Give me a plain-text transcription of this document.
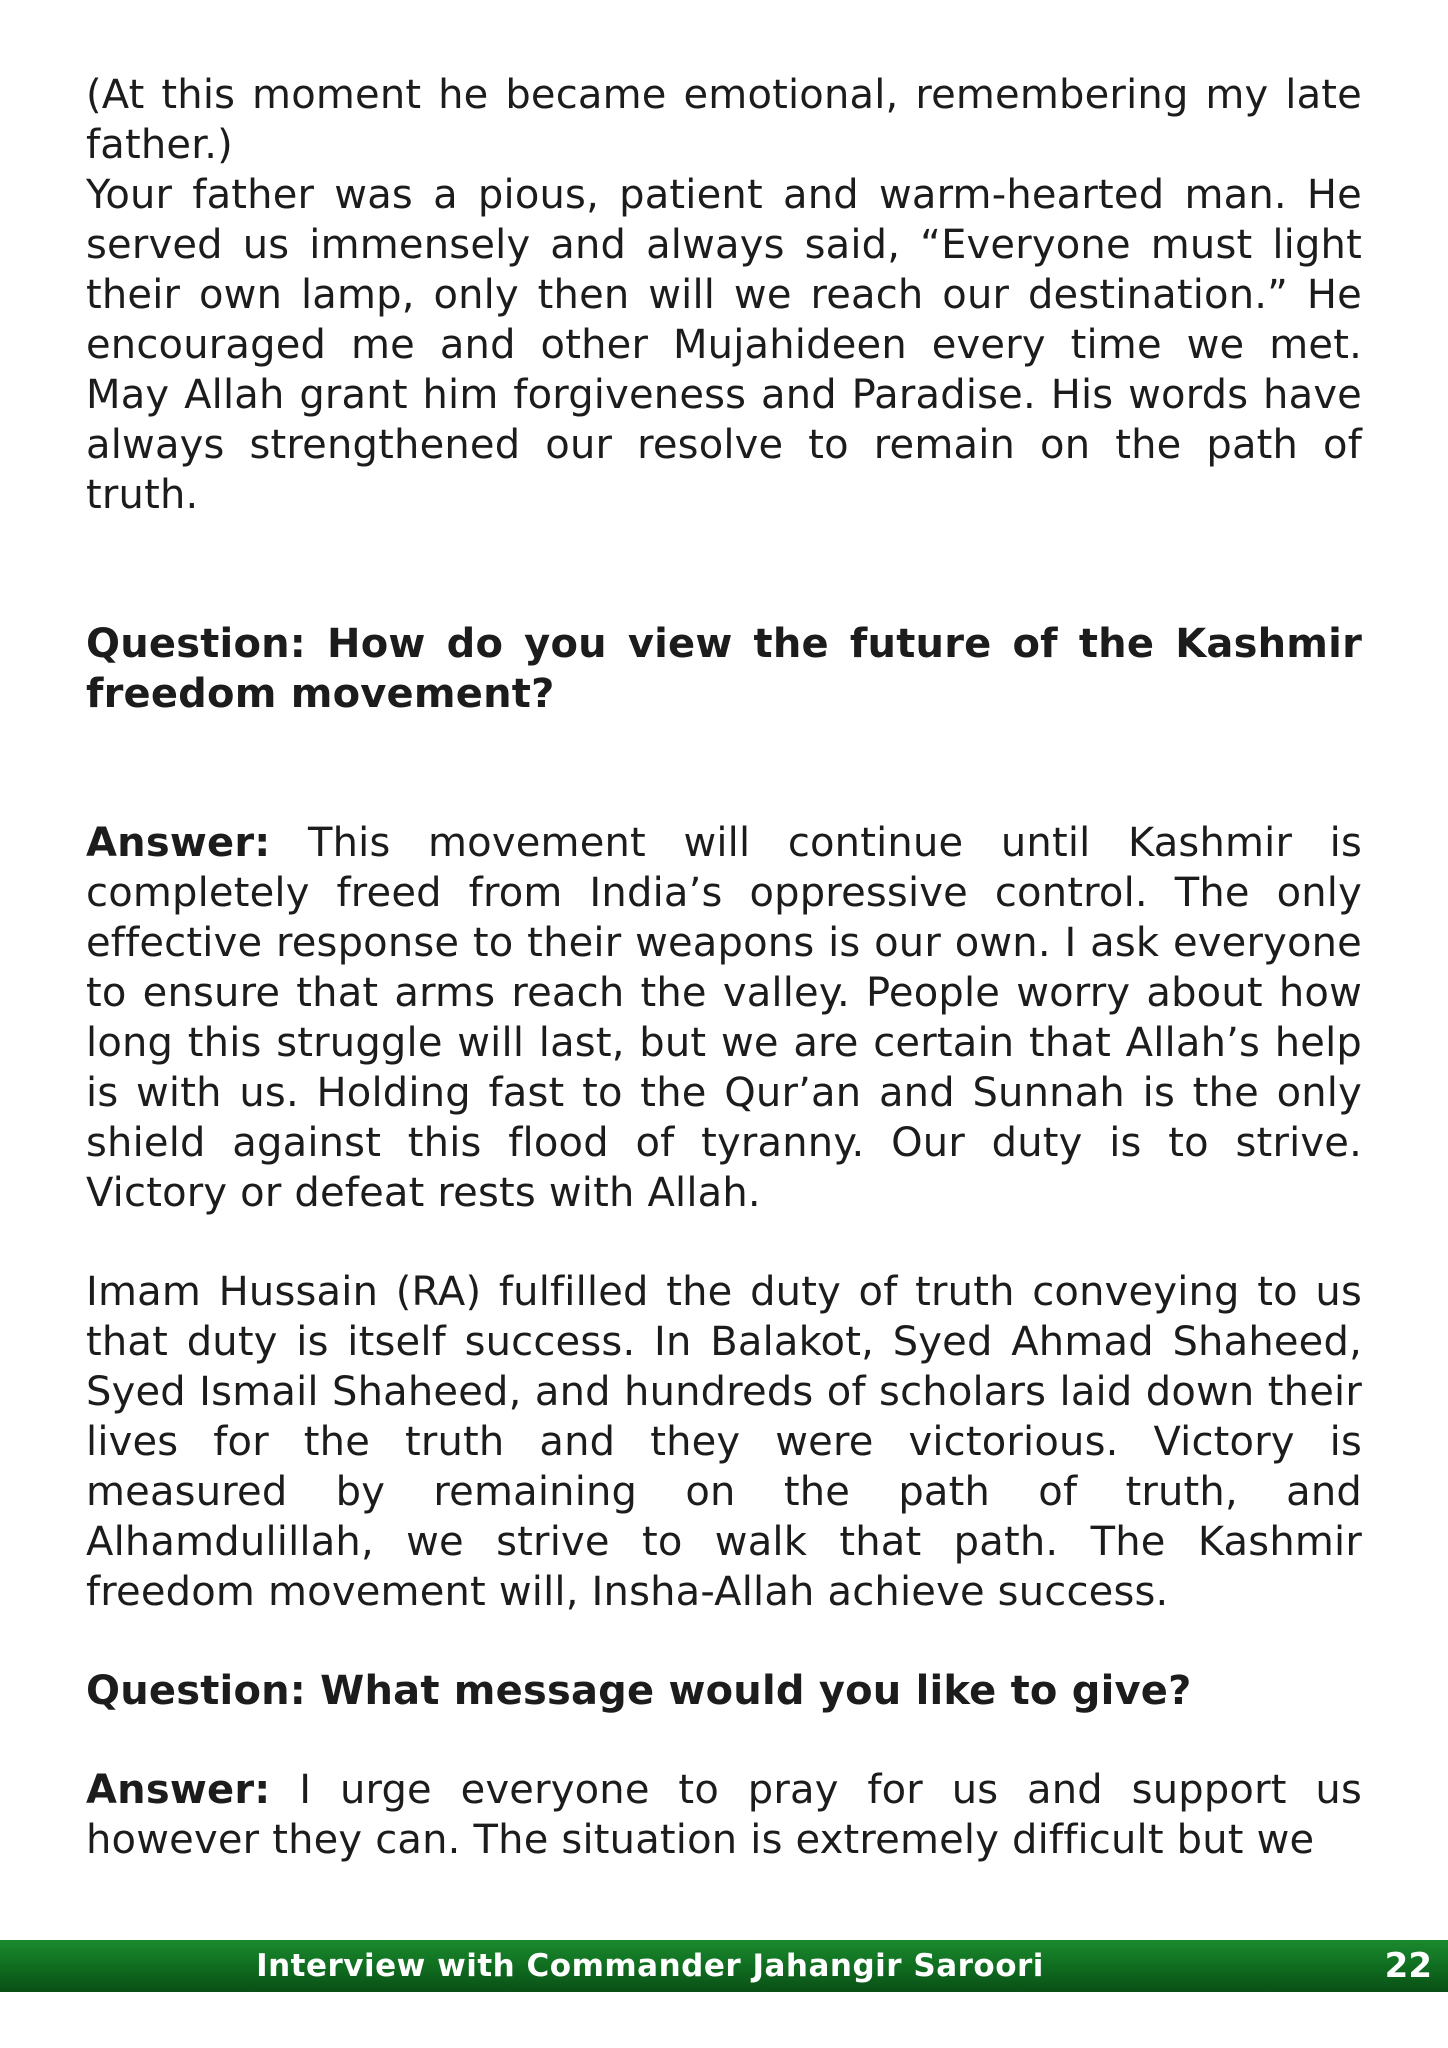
(At this moment he became emotional, remembering my late father.)

Your father was a pious, patient and warm-hearted man. He served us immensely and always said, “Everyone must light their own lamp, only then will we reach our destination.” He encouraged me and other Mujahideen every time we met. May Allah grant him forgiveness and Paradise. His words have always strengthened our resolve to remain on the path of truth.

Question: How do you view the future of the Kashmir freedom movement?

Answer: This movement will continue until Kashmir is completely freed from India’s oppressive control. The only effective response to their weapons is our own. I ask everyone to ensure that arms reach the valley. People worry about how long this struggle will last, but we are certain that Allah’s help is with us. Holding fast to the Qur’an and Sunnah is the only shield against this flood of tyranny. Our duty is to strive. Victory or defeat rests with Allah.

Imam Hussain (RA) fulfilled the duty of truth conveying to us that duty is itself success. In Balakot, Syed Ahmad Shaheed, Syed Ismail Shaheed, and hundreds of scholars laid down their lives for the truth and they were victorious. Victory is measured by remaining on the path of truth, and Alhamdulillah, we strive to walk that path. The Kashmir freedom movement will, Insha-Allah achieve success.

Question: What message would you like to give?

Answer: I urge everyone to pray for us and support us however they can. The situation is extremely difficult but we

Interview with Commander Jahangir Saroori	22
